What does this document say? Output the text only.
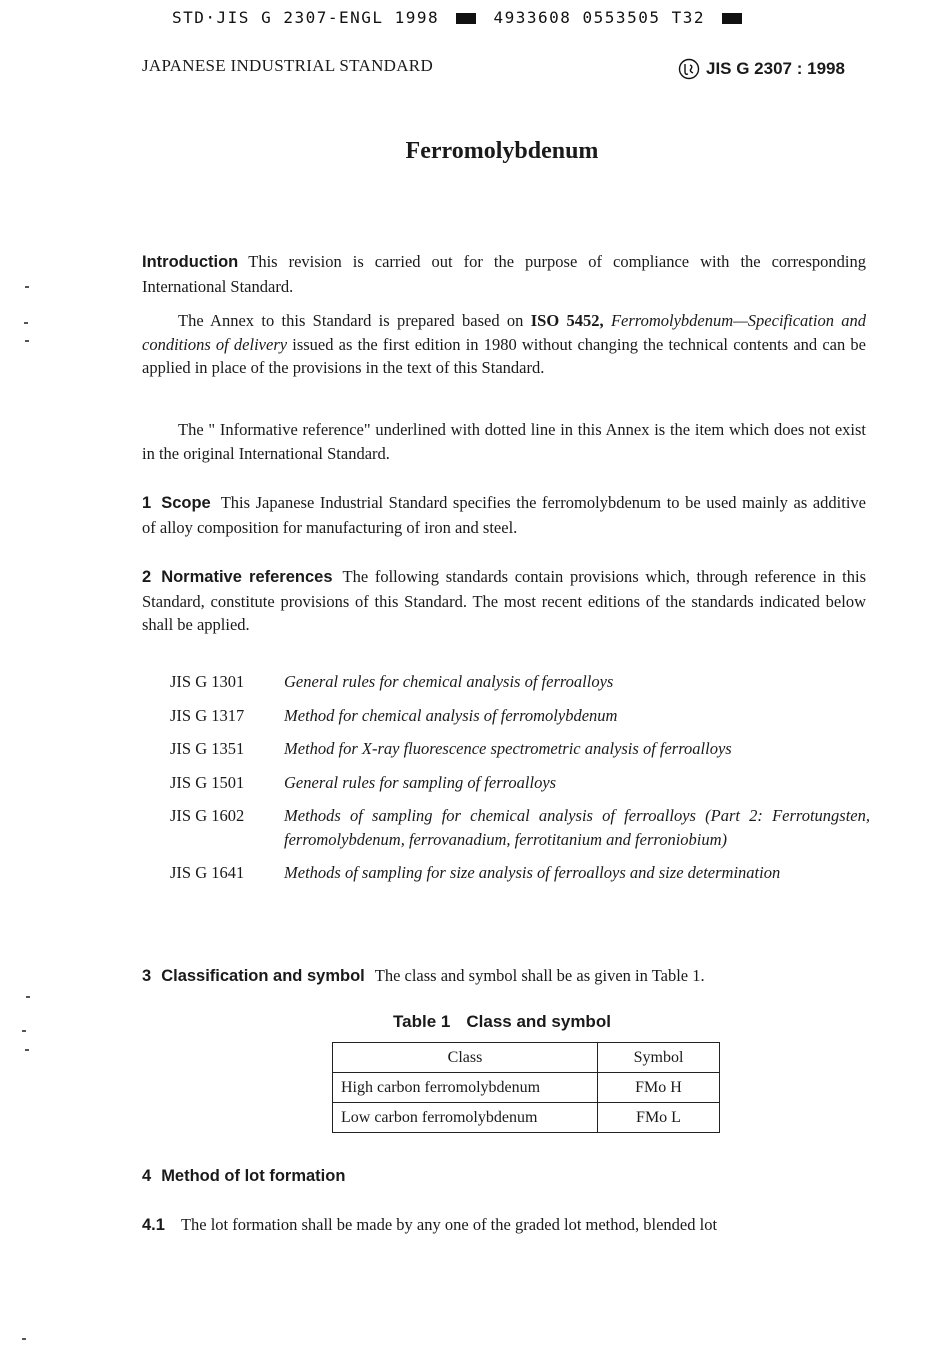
STD·JIS G 2307-ENGL 1998	4933608 0553505 T32
JAPANESE INDUSTRIAL STANDARD	JIS G 2307 : 1998
Ferromolybdenum
Introduction This revision is carried out for the purpose of compliance with the corresponding International Standard.
The Annex to this Standard is prepared based on ISO 5452, Ferromolybdenum—Specification and conditions of delivery issued as the first edition in 1980 without changing the technical contents and can be applied in place of the provisions in the text of this Standard.
The " Informative reference" underlined with dotted line in this Annex is the item which does not exist in the original International Standard.
1 Scope This Japanese Industrial Standard specifies the ferromolybdenum to be used mainly as additive of alloy composition for manufacturing of iron and steel.
2 Normative references The following standards contain provisions which, through reference in this Standard, constitute provisions of this Standard. The most recent editions of the standards indicated below shall be applied.
JIS G 1301	General rules for chemical analysis of ferroalloys
JIS G 1317	Method for chemical analysis of ferromolybdenum
JIS G 1351	Method for X-ray fluorescence spectrometric analysis of ferroalloys
JIS G 1501	General rules for sampling of ferroalloys
JIS G 1602	Methods of sampling for chemical analysis of ferroalloys (Part 2: Ferrotungsten, ferromolybdenum, ferrovanadium, ferrotitanium and ferroniobium)
JIS G 1641	Methods of sampling for size analysis of ferroalloys and size determination
3 Classification and symbol The class and symbol shall be as given in Table 1.
Table 1 Class and symbol
Class	Symbol
High carbon ferromolybdenum	FMo H
Low carbon ferromolybdenum	FMo L
4 Method of lot formation
4.1 The lot formation shall be made by any one of the graded lot method, blended lot
